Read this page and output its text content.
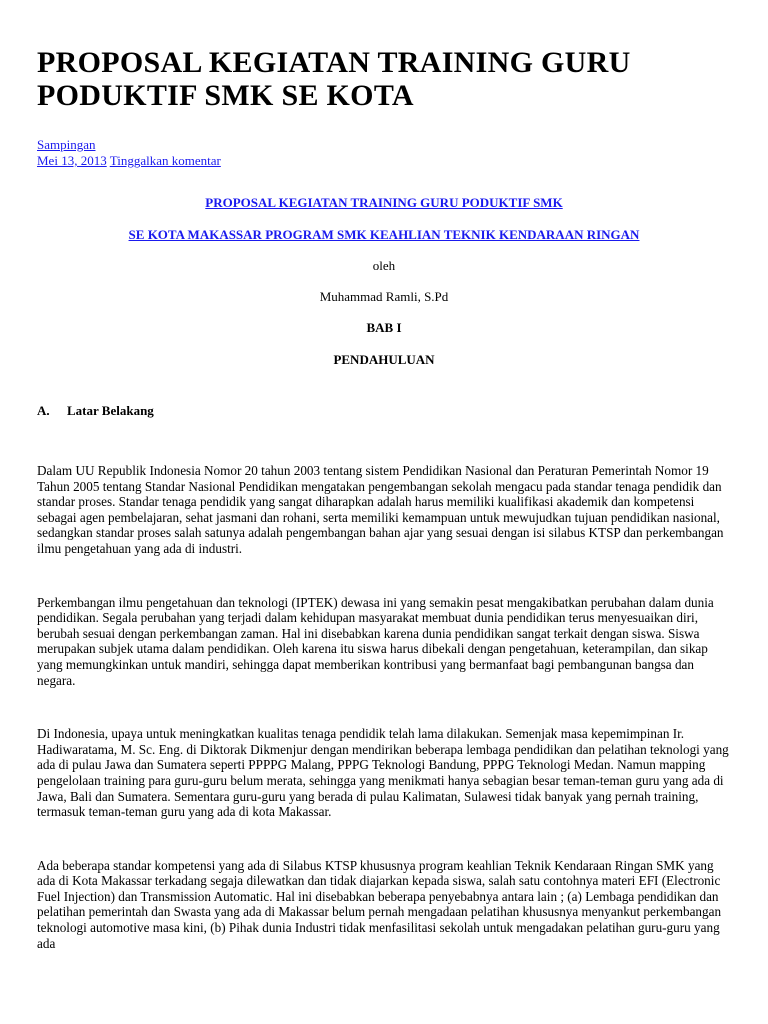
PROPOSAL KEGIATAN TRAINING GURU PODUKTIF SMK SE KOTA
Sampingan
Mei 13, 2013 Tinggalkan komentar
PROPOSAL KEGIATAN TRAINING GURU PODUKTIF SMK
SE KOTA MAKASSAR PROGRAM SMK KEAHLIAN TEKNIK KENDARAAN RINGAN
oleh
Muhammad Ramli, S.Pd
BAB I
PENDAHULUAN
A. Latar Belakang

Dalam UU Republik Indonesia Nomor 20 tahun 2003 tentang sistem Pendidikan Nasional dan Peraturan Pemerintah Nomor 19 Tahun 2005 tentang Standar Nasional Pendidikan mengatakan pengembangan sekolah mengacu pada standar tenaga pendidik dan standar proses. Standar tenaga pendidik yang sangat diharapkan adalah harus memiliki kualifikasi akademik dan kompetensi sebagai agen pembelajaran, sehat jasmani dan rohani, serta memiliki kemampuan untuk mewujudkan tujuan pendidikan nasional, sedangkan standar proses salah satunya adalah pengembangan bahan ajar yang sesuai dengan isi silabus KTSP dan perkembangan ilmu pengetahuan yang ada di industri.

Perkembangan ilmu pengetahuan dan teknologi (IPTEK) dewasa ini yang semakin pesat mengakibatkan perubahan dalam dunia pendidikan. Segala perubahan yang terjadi dalam kehidupan masyarakat membuat dunia pendidikan terus menyesuaikan diri, berubah sesuai dengan perkembangan zaman. Hal ini disebabkan karena dunia pendidikan sangat terkait dengan siswa. Siswa merupakan subjek utama dalam pendidikan. Oleh karena itu siswa harus dibekali dengan pengetahuan, keterampilan, dan sikap yang memungkinkan untuk mandiri, sehingga dapat memberikan kontribusi yang bermanfaat bagi pembangunan bangsa dan negara.

Di Indonesia, upaya untuk meningkatkan kualitas tenaga pendidik telah lama dilakukan. Semenjak masa kepemimpinan Ir. Hadiwaratama, M. Sc. Eng. di Diktorak Dikmenjur dengan mendirikan beberapa lembaga pendidikan dan pelatihan teknologi yang ada di pulau Jawa dan Sumatera seperti PPPPG Malang, PPPG Teknologi Bandung, PPPG Teknologi Medan. Namun mapping pengelolaan training para guru-guru belum merata, sehingga yang menikmati hanya sebagian besar teman-teman guru yang ada di Jawa, Bali dan Sumatera. Sementara guru-guru yang berada di pulau Kalimatan, Sulawesi tidak banyak yang pernah training, termasuk teman-teman guru yang ada di kota Makassar.

Ada beberapa standar kompetensi yang ada di Silabus KTSP khususnya program keahlian Teknik Kendaraan Ringan SMK yang ada di Kota Makassar terkadang segaja dilewatkan dan tidak diajarkan kepada siswa, salah satu contohnya materi EFI (Electronic Fuel Injection) dan Transmission Automatic. Hal ini disebabkan beberapa penyebabnya antara lain ; (a) Lembaga pendidikan dan pelatihan pemerintah dan Swasta yang ada di Makassar belum pernah mengadaan pelatihan khususnya menyankut perkembangan teknologi automotive masa kini, (b) Pihak dunia Industri tidak menfasilitasi sekolah untuk mengadakan pelatihan guru-guru yang ada
